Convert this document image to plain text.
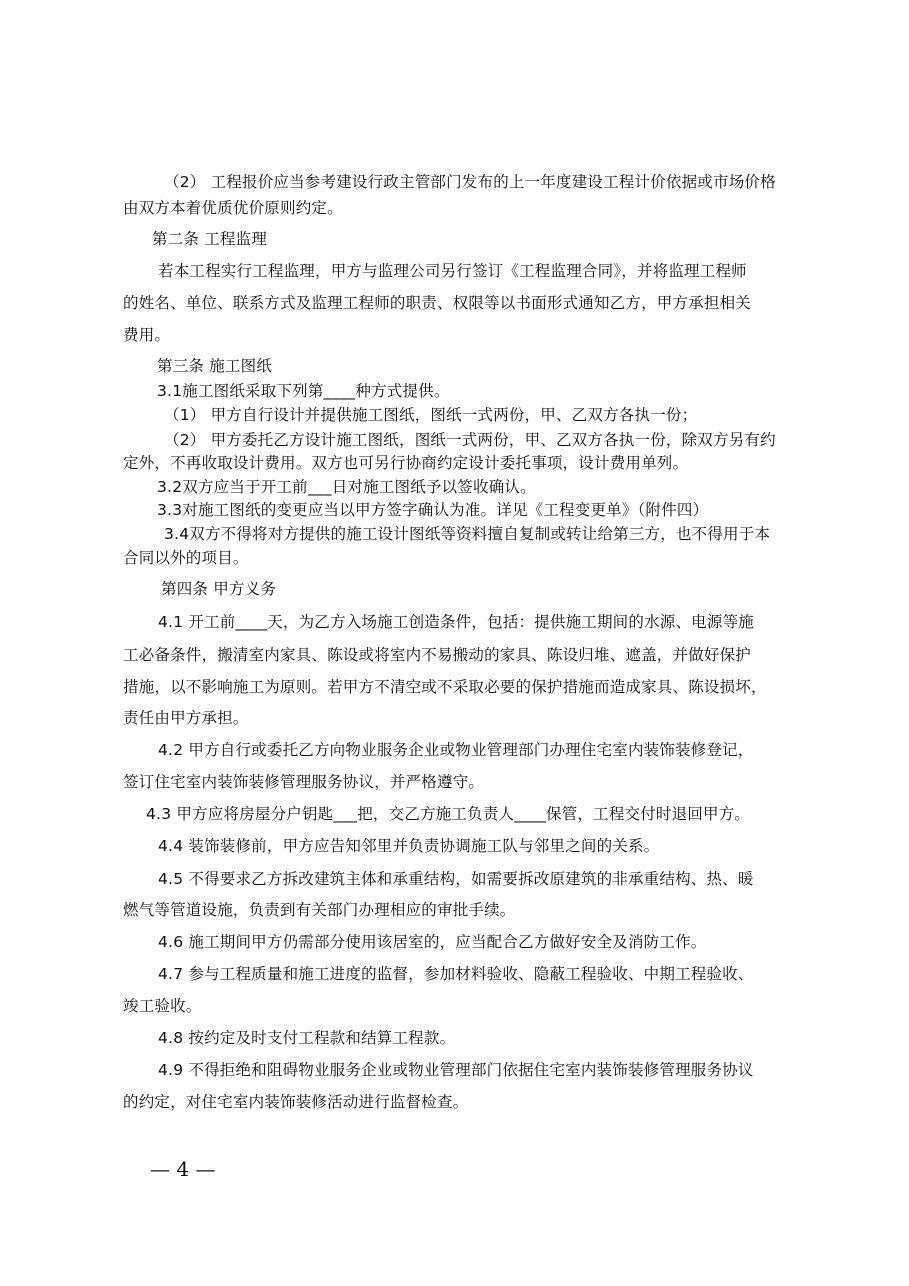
（2） 工程报价应当参考建设行政主管部门发布的上一年度建设工程计价依据或市场价格
由双方本着优质优价原则约定。
第二条 工程监理
若本工程实行工程监理，甲方与监理公司另行签订《工程监理合同》，并将监理工程师
的姓名、单位、联系方式及监理工程师的职责、权限等以书面形式通知乙方，甲方承担相关
费用。
第三条 施工图纸
3.1施工图纸采取下列第____种方式提供。
（1） 甲方自行设计并提供施工图纸，图纸一式两份，甲、乙双方各执一份；
（2） 甲方委托乙方设计施工图纸，图纸一式两份，甲、乙双方各执一份，除双方另有约
定外，不再收取设计费用。双方也可另行协商约定设计委托事项，设计费用单列。
3.2双方应当于开工前___日对施工图纸予以签收确认。
3.3对施工图纸的变更应当以甲方签字确认为准。详见《工程变更单》（附件四）
3.4双方不得将对方提供的施工设计图纸等资料擅自复制或转让给第三方，也不得用于本
合同以外的项目。
第四条 甲方义务
4.1 开工前____天，为乙方入场施工创造条件，包括：提供施工期间的水源、电源等施
工必备条件，搬清室内家具、陈设或将室内不易搬动的家具、陈设归堆、遮盖，并做好保护
措施，以不影响施工为原则。若甲方不清空或不采取必要的保护措施而造成家具、陈设损坏，
责任由甲方承担。
4.2 甲方自行或委托乙方向物业服务企业或物业管理部门办理住宅室内装饰装修登记，
签订住宅室内装饰装修管理服务协议，并严格遵守。
4.3 甲方应将房屋分户钥匙___把，交乙方施工负责人____保管，工程交付时退回甲方。
4.4 装饰装修前，甲方应告知邻里并负责协调施工队与邻里之间的关系。
4.5 不得要求乙方拆改建筑主体和承重结构，如需要拆改原建筑的非承重结构、热、暖
燃气等管道设施，负责到有关部门办理相应的审批手续。
4.6 施工期间甲方仍需部分使用该居室的，应当配合乙方做好安全及消防工作。
4.7 参与工程质量和施工进度的监督，参加材料验收、隐蔽工程验收、中期工程验收、
竣工验收。
4.8 按约定及时支付工程款和结算工程款。
4.9 不得拒绝和阻碍物业服务企业或物业管理部门依据住宅室内装饰装修管理服务协议
的约定，对住宅室内装饰装修活动进行监督检查。
— 4 —
